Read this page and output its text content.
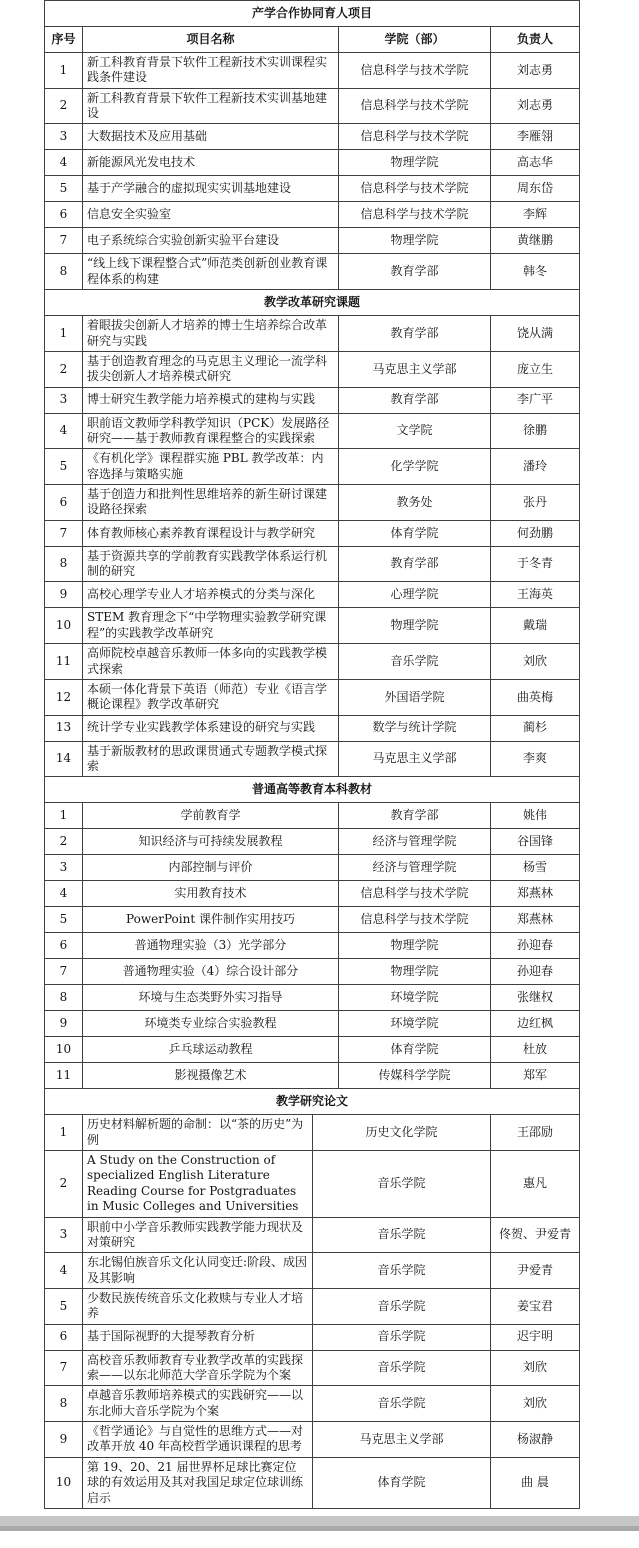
产学合作协同育人项目			
序号	项目名称	学院（部）	负责人
1	新工科教育背景下软件工程新技术实训课程实践条件建设	信息科学与技术学院	刘志勇
2	新工科教育背景下软件工程新技术实训基地建设	信息科学与技术学院	刘志勇
3	大数据技术及应用基础	信息科学与技术学院	李雁翎
4	新能源风光发电技术	物理学院	高志华
5	基于产学融合的虚拟现实实训基地建设	信息科学与技术学院	周东岱
6	信息安全实验室	信息科学与技术学院	李辉
7	电子系统综合实验创新实验平台建设	物理学院	黄继鹏
8	“线上线下课程整合式”师范类创新创业教育课程体系的构建	教育学部	韩冬
教学改革研究课题			
1	着眼拔尖创新人才培养的博士生培养综合改革研究与实践	教育学部	饶从满
2	基于创造教育理念的马克思主义理论一流学科拔尖创新人才培养模式研究	马克思主义学部	庞立生
3	博士研究生教学能力培养模式的建构与实践	教育学部	李广平
4	职前语文教师学科教学知识（PCK）发展路径研究——基于教师教育课程整合的实践探索	文学院	徐鹏
5	《有机化学》课程群实施 PBL 教学改革：内容选择与策略实施	化学学院	潘玲
6	基于创造力和批判性思维培养的新生研讨课建设路径探索	教务处	张丹
7	体育教师核心素养教育课程设计与教学研究	体育学院	何劲鹏
8	基于资源共享的学前教育实践教学体系运行机制的研究	教育学部	于冬青
9	高校心理学专业人才培养模式的分类与深化	心理学院	王海英
10	STEM 教育理念下“中学物理实验教学研究课程”的实践教学改革研究	物理学院	戴瑞
11	高师院校卓越音乐教师一体多向的实践教学模式探索	音乐学院	刘欣
12	本硕一体化背景下英语（师范）专业《语言学概论课程》教学改革研究	外国语学院	曲英梅
13	统计学专业实践教学体系建设的研究与实践	数学与统计学院	蔺杉
14	基于新版教材的思政课贯通式专题教学模式探索	马克思主义学部	李爽
普通高等教育本科教材			
1	学前教育学	教育学部	姚伟
2	知识经济与可持续发展教程	经济与管理学院	谷国锋
3	内部控制与评价	经济与管理学院	杨雪
4	实用教育技术	信息科学与技术学院	郑燕林
5	PowerPoint 课件制作实用技巧	信息科学与技术学院	郑燕林
6	普通物理实验（3）光学部分	物理学院	孙迎春
7	普通物理实验（4）综合设计部分	物理学院	孙迎春
8	环境与生态类野外实习指导	环境学院	张继权
9	环境类专业综合实验教程	环境学院	边红枫
10	乒乓球运动教程	体育学院	杜放
11	影视摄像艺术	传媒科学学院	郑军
教学研究论文			
1	历史材料解析题的命制：以“茶的历史”为例	历史文化学院	王邵励
2	A Study on the Construction of specialized English Literature Reading Course for Postgraduates in Music Colleges and Universities	音乐学院	惠凡
3	职前中小学音乐教师实践教学能力现状及对策研究	音乐学院	佟贺、尹爱青
4	东北锡伯族音乐文化认同变迁:阶段、成因及其影响	音乐学院	尹爱青
5	少数民族传统音乐文化救赎与专业人才培养	音乐学院	姜宝君
6	基于国际视野的大提琴教育分析	音乐学院	迟宇明
7	高校音乐教师教育专业教学改革的实践探索——以东北师范大学音乐学院为个案	音乐学院	刘欣
8	卓越音乐教师培养模式的实践研究——以东北师大音乐学院为个案	音乐学院	刘欣
9	《哲学通论》与自觉性的思维方式——对改革开放 40 年高校哲学通识课程的思考	马克思主义学部	杨淑静
10	第 19、20、21 届世界杯足球比赛定位球的有效运用及其对我国足球定位球训练启示	体育学院	曲 晨
